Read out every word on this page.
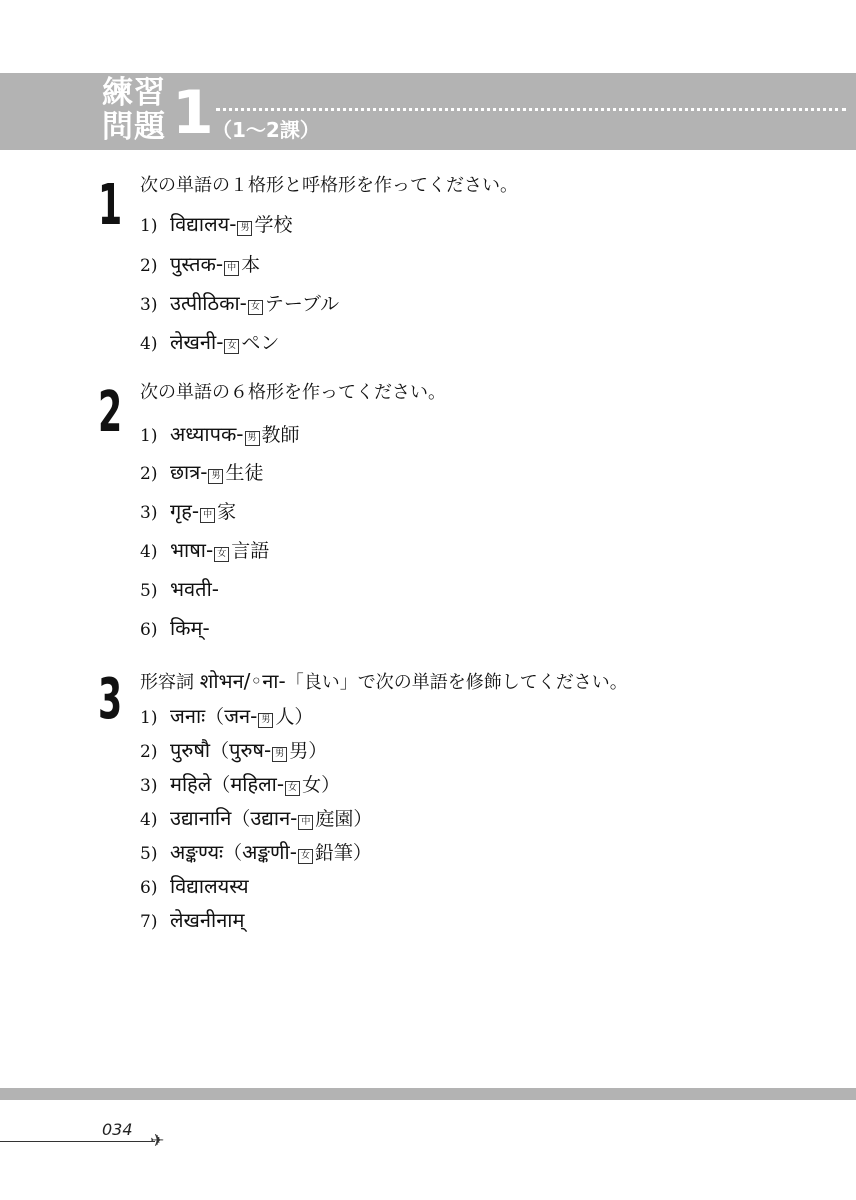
練習
問題 1
（1～2課）
1 次の単語の１格形と呼格形を作ってください。
1) विद्यालय- 男 学校
2) पुस्तक- 中 本
3) उत्पीठिका- 女 テーブル
4) लेखनी- 女 ペン
2 次の単語の６格形を作ってください。
1) अध्यापक- 男 教師
2) छात्र- 男 生徒
3) गृह- 中 家
4) भाषा- 女 言語
5) भवती-
6) किम्-
3 形容詞 शोभन/◦ना-「良い」で次の単語を修飾してください。
1) जनाः（जन- 男 人）
2) पुरुषौ（पुरुष- 男 男）
3) महिले（महिला- 女 女）
4) उद्यानानि（उद्यान- 中 庭園）
5) अङ्कण्यः（अङ्कणी- 女 鉛筆）
6) विद्यालयस्य
7) लेखनीनाम्
034
✈
